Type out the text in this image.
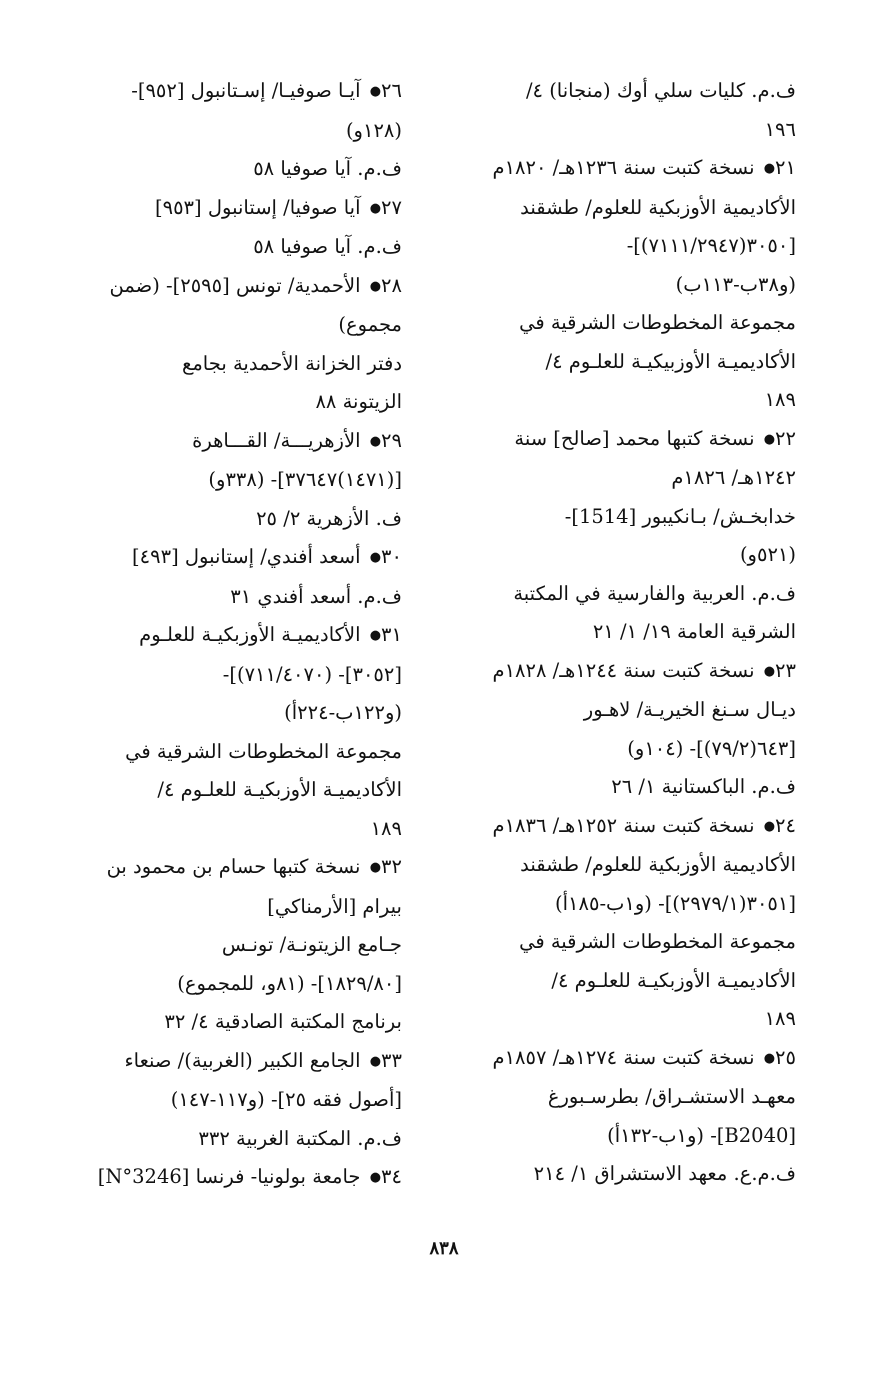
ف.م. كليات سلي أوك (منجانا) ٤/

١٩٦

٢١● نسخة كتبت سنة ١٢٣٦هـ/ ١٨٢٠م

الأكاديمية الأوزبكية للعلوم/ طشقند

[٣٠٥٠(٧١١١/٢٩٤٧)]-

(و٣٨ب-١١٣ب)

مجموعة المخطوطات الشرقية في

الأكاديميـة الأوزبيكيـة للعلـوم ٤/

١٨٩

٢٢● نسخة كتبها محمد [صالح] سنة

١٢٤٢هـ/ ١٨٢٦م

خدابخـش/ بـانكيبور [1514]-

(٥٢١و)

ف.م. العربية والفارسية في المكتبة

الشرقية العامة ١٩/ ١/ ٢١

٢٣● نسخة كتبت سنة ١٢٤٤هـ/ ١٨٢٨م

ديـال سـنغ الخيريـة/ لاهـور

[٦٤٣(٧٩/٢)]- (١٠٤و)

ف.م. الباكستانية ١/ ٢٦

٢٤● نسخة كتبت سنة ١٢٥٢هـ/ ١٨٣٦م

الأكاديمية الأوزبكية للعلوم/ طشقند

[٣٠٥١(٢٩٧٩/١)]- (و١ب-١٨٥أ)

مجموعة المخطوطات الشرقية في

الأكاديميـة الأوزبكيـة للعلـوم ٤/

١٨٩

٢٥● نسخة كتبت سنة ١٢٧٤هـ/ ١٨٥٧م

معهـد الاستشـراق/ بطرسـبورغ

[B2040]- (و١ب-١٣٢أ)

ف.م.ع. معهد الاستشراق ١/ ٢١٤

٢٦● آيـا صوفيـا/ إسـتانبول [٩٥٢]-

(١٢٨و)

ف.م. آيا صوفيا ٥٨

٢٧● آيا صوفيا/ إستانبول [٩٥٣]

ف.م. آيا صوفيا ٥٨

٢٨● الأحمدية/ تونس [٢٥٩٥]- (ضمن

مجموع)

دفتر الخزانة الأحمدية بجامع

الزيتونة ٨٨

٢٩● الأزهريـــة/ القـــاهرة

[(١٤٧١)٣٧٦٤٧]- (٣٣٨و)

ف. الأزهرية ٢/ ٢٥

٣٠● أسعد أفندي/ إستانبول [٤٩٣]

ف.م. أسعد أفندي ٣١

٣١● الأكاديميـة الأوزبكيـة للعلـوم

[٣٠٥٢]- (٧١١/٤٠٧٠)]-

(و١٢٢ب-٢٢٤أ)

مجموعة المخطوطات الشرقية في

الأكاديميـة الأوزبكيـة للعلـوم ٤/

١٨٩

٣٢● نسخة كتبها حسام بن محمود بن

بيرام [الأرمناكي]

جـامع الزيتونـة/ تونـس

[١٨٢٩/٨٠]- (٨١و، للمجموع)

برنامج المكتبة الصادقية ٤/ ٣٢

٣٣● الجامع الكبير (الغربية)/ صنعاء

[أصول فقه ٢٥]- (و١١٧-١٤٧)

ف.م. المكتبة الغربية ٣٣٢

٣٤● جامعة بولونيا- فرنسا [N°3246]

٨٣٨
